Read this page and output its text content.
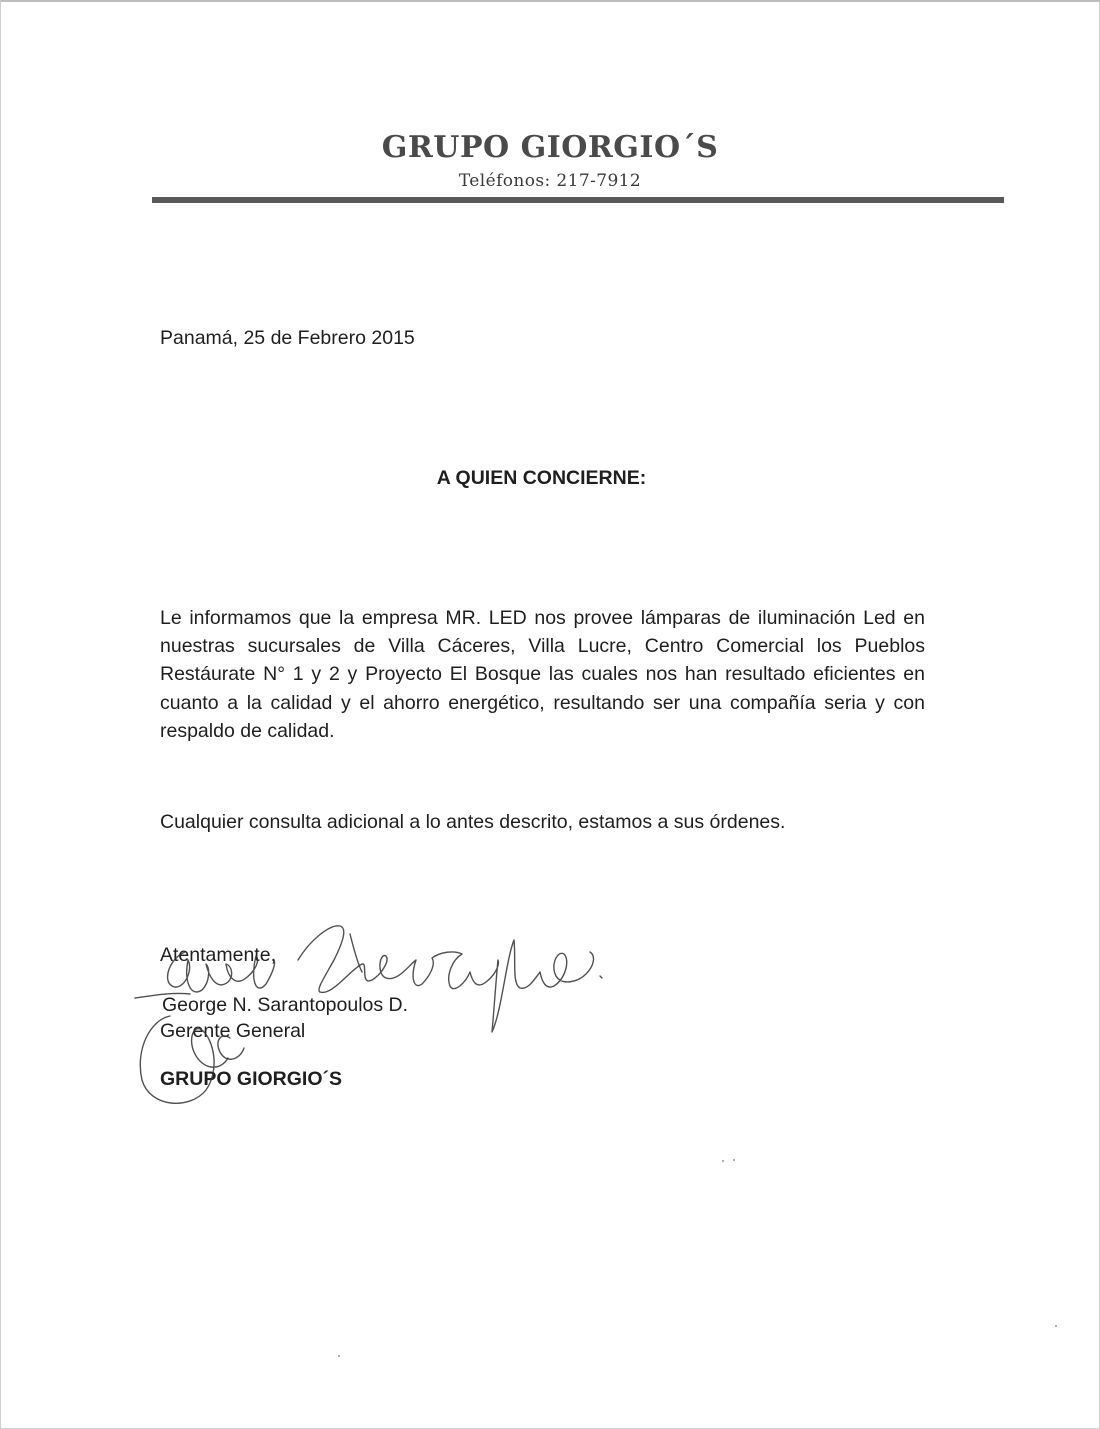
GRUPO GIORGIO´S
Teléfonos: 217-7912
Panamá, 25 de Febrero 2015
A QUIEN CONCIERNE:
Le informamos que la empresa MR. LED nos provee lámparas de iluminación Led en nuestras sucursales de Villa Cáceres, Villa Lucre, Centro Comercial los Pueblos Restáurate N° 1 y 2 y Proyecto El Bosque las cuales nos han resultado eficientes en cuanto a la calidad y el ahorro energético, resultando ser una compañía seria y con respaldo de calidad.
Cualquier consulta adicional a lo antes descrito, estamos a sus órdenes.
Atentamente,
George N. Sarantopoulos D.
Gerente General
GRUPO GIORGIO´S
